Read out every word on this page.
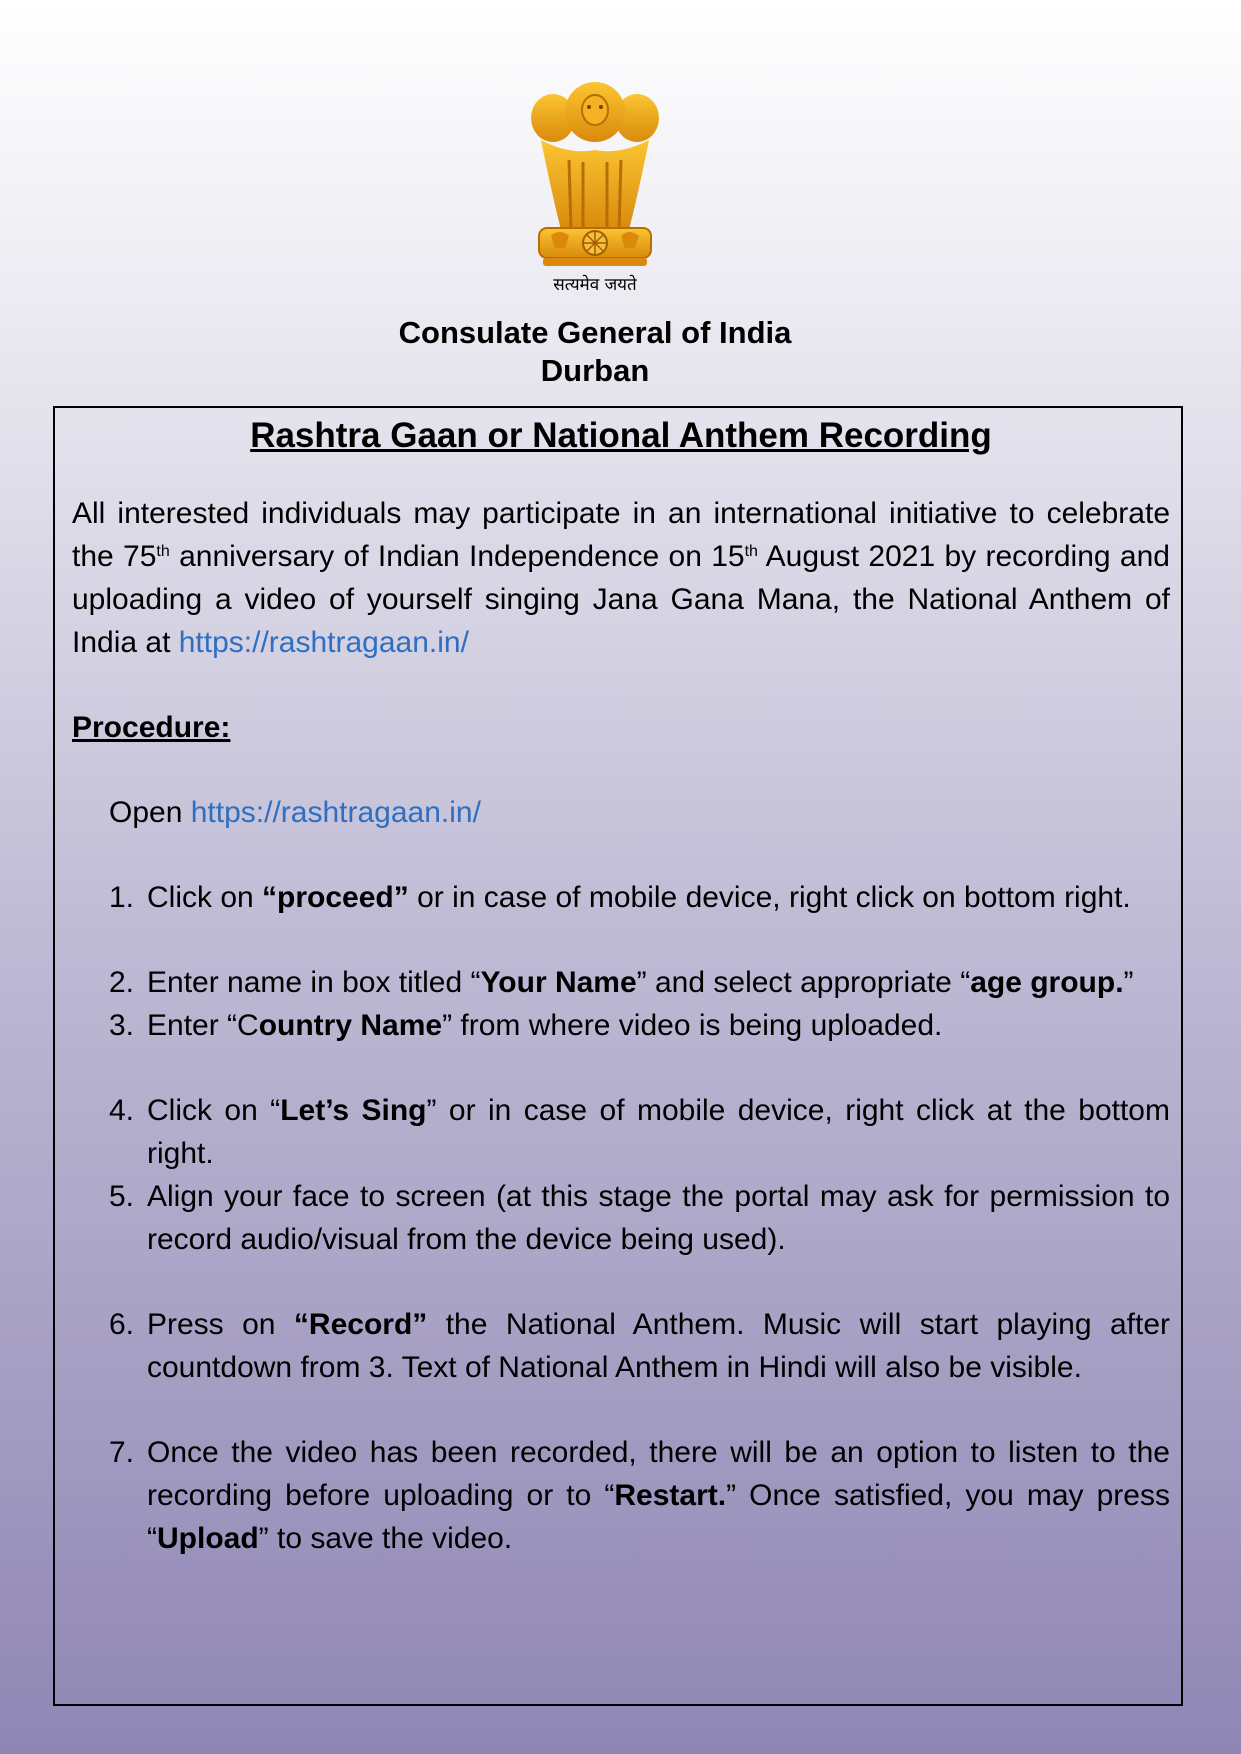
सत्यमेव जयते
Consulate General of India
Durban
Rashtra Gaan or National Anthem Recording

All interested individuals may participate in an international initiative to celebrate the 75th anniversary of Indian Independence on 15th August 2021 by recording and uploading a video of yourself singing Jana Gana Mana, the National Anthem of India at https://rashtragaan.in/

Procedure:
Open https://rashtragaan.in/
1. Click on “proceed” or in case of mobile device, right click on bottom right.
2. Enter name in box titled “Your Name” and select appropriate “age group.”
3. Enter “Country Name” from where video is being uploaded.
4. Click on “Let’s Sing” or in case of mobile device, right click at the bottom right.
5. Align your face to screen (at this stage the portal may ask for permission to record audio/visual from the device being used).
6. Press on “Record” the National Anthem. Music will start playing after countdown from 3. Text of National Anthem in Hindi will also be visible.
7. Once the video has been recorded, there will be an option to listen to the recording before uploading or to “Restart.” Once satisfied, you may press “Upload” to save the video.
